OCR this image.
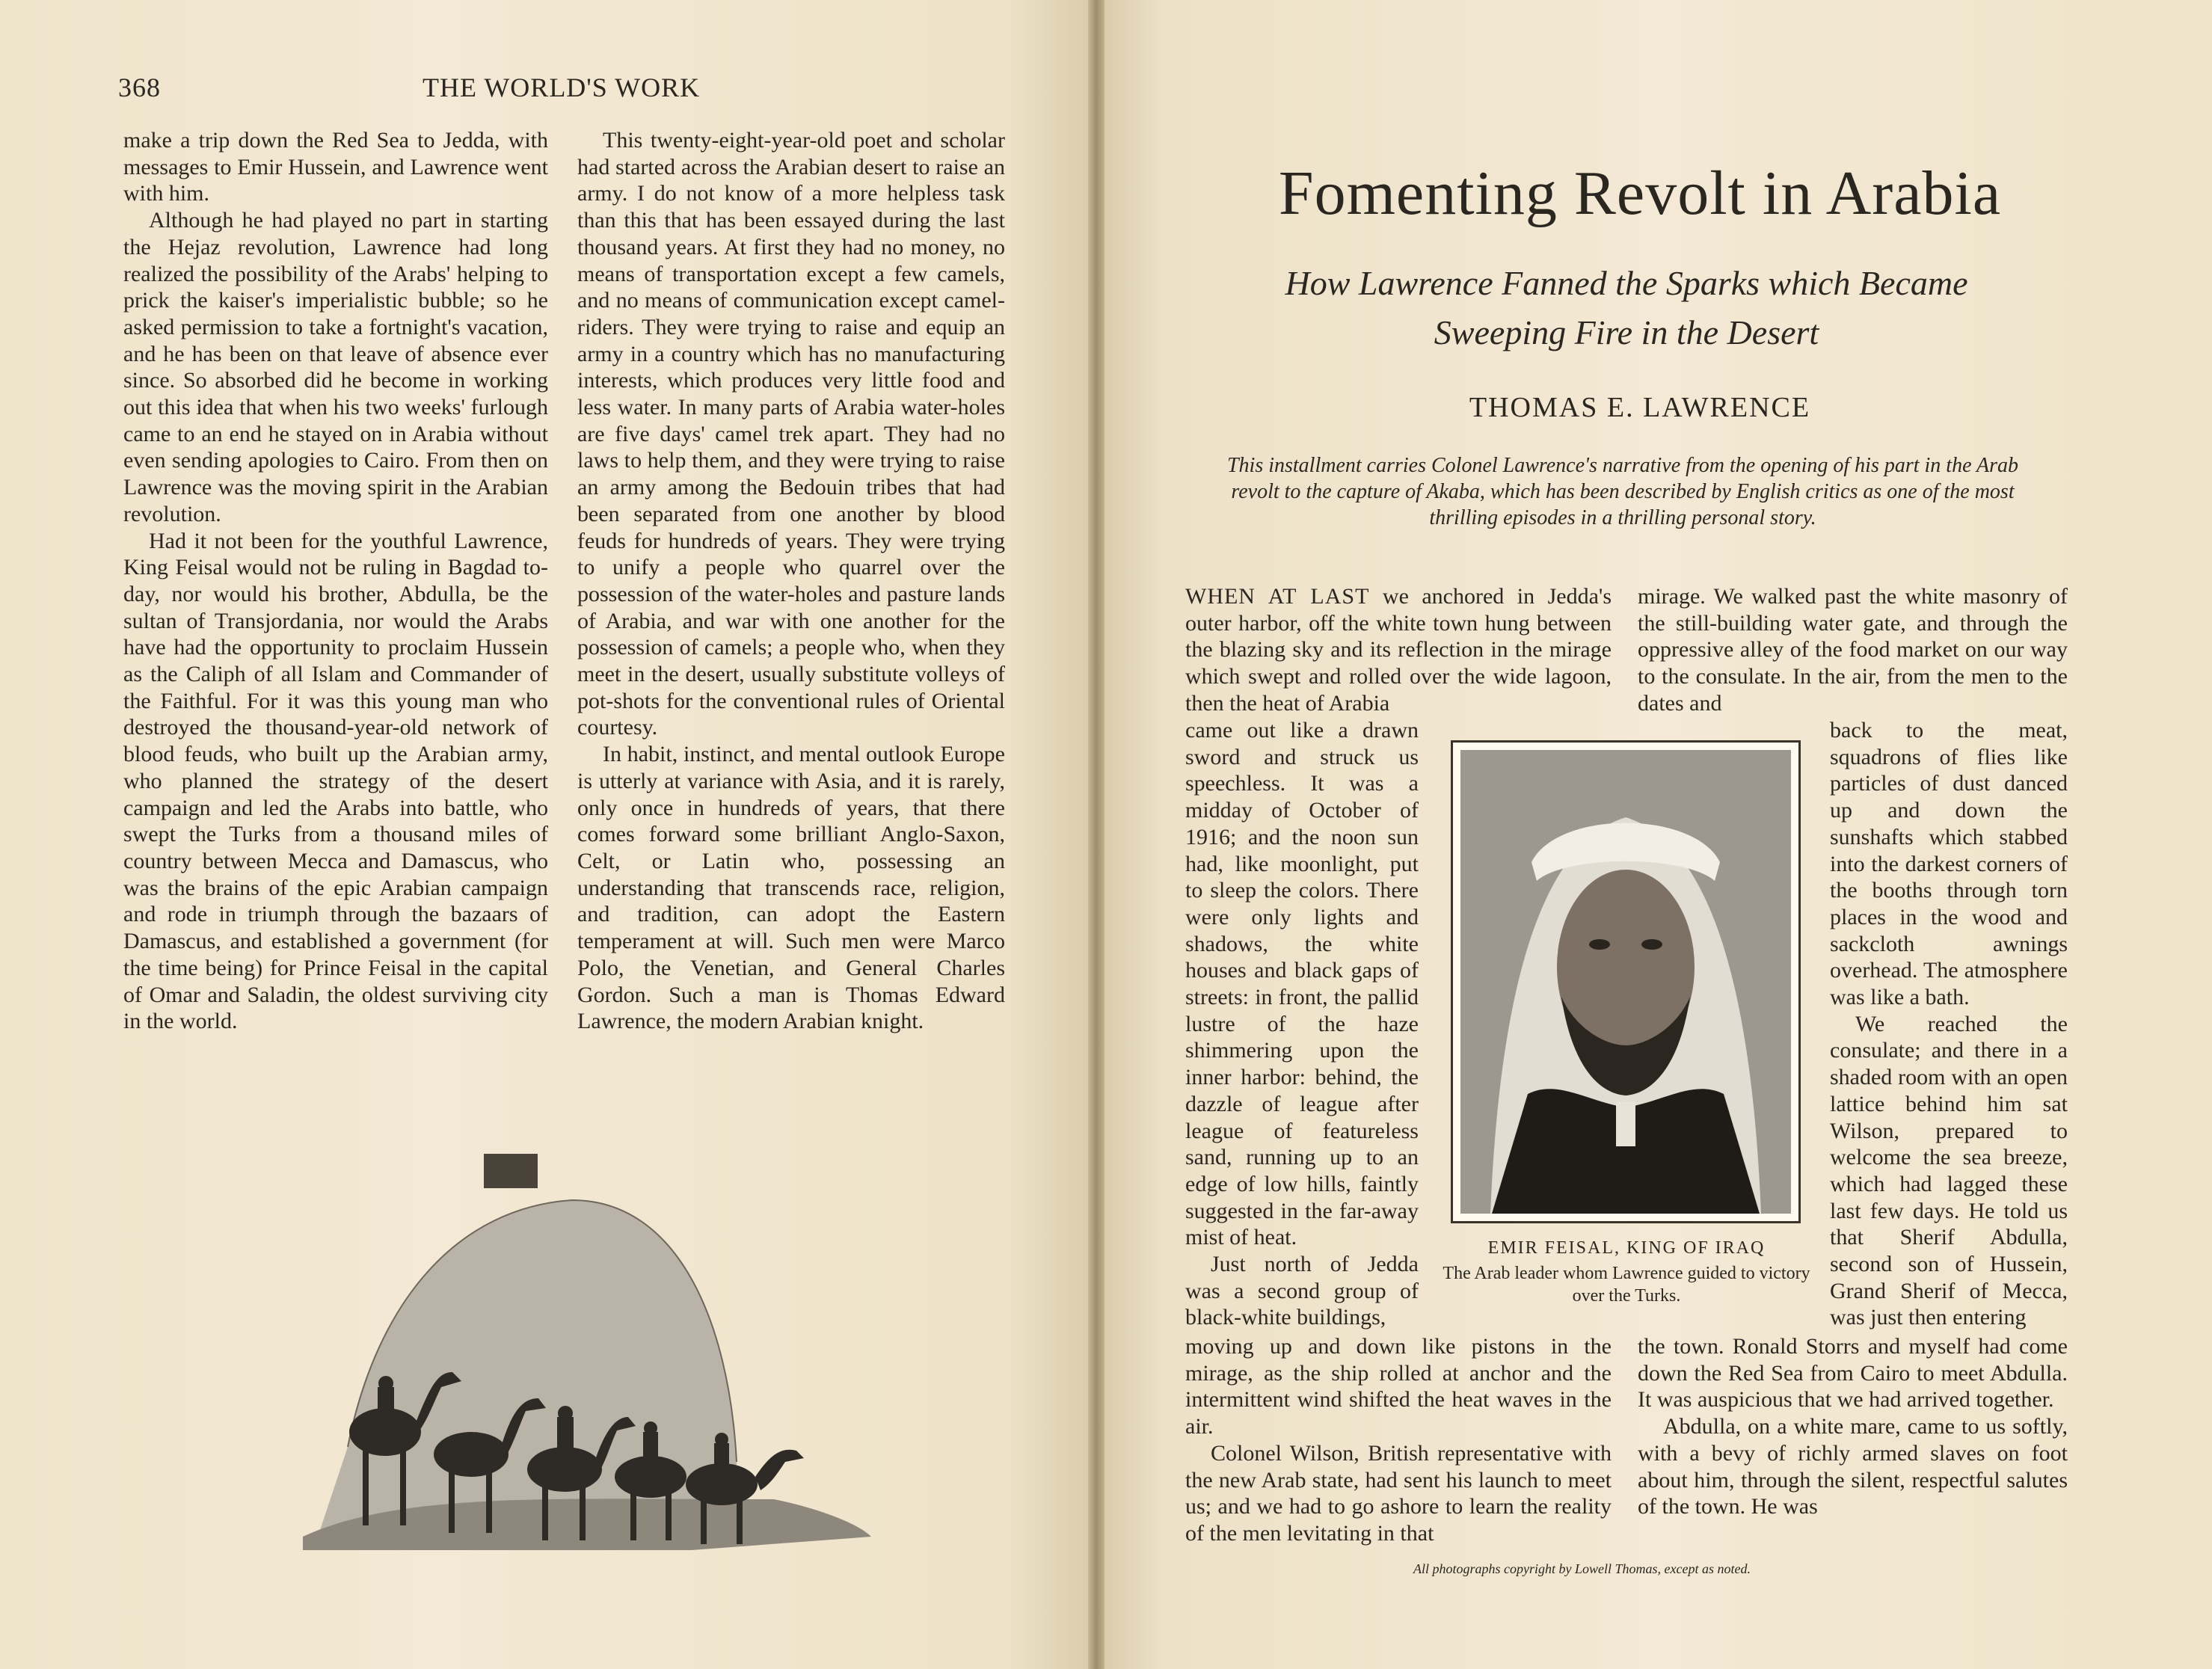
368	THE WORLD'S WORK

make a trip down the Red Sea to Jedda, with messages to Emir Hussein, and Lawrence went with him.

Although he had played no part in starting the Hejaz revolution, Lawrence had long realized the possibility of the Arabs' helping to prick the kaiser's imperialistic bubble; so he asked permission to take a fortnight's vacation, and he has been on that leave of absence ever since. So absorbed did he become in working out this idea that when his two weeks' furlough came to an end he stayed on in Arabia without even sending apologies to Cairo. From then on Lawrence was the moving spirit in the Arabian revolution.

Had it not been for the youthful Lawrence, King Feisal would not be ruling in Bagdad to-day, nor would his brother, Abdulla, be the sultan of Transjordania, nor would the Arabs have had the opportunity to proclaim Hussein as the Caliph of all Islam and Commander of the Faithful. For it was this young man who destroyed the thousand-year-old network of blood feuds, who built up the Arabian army, who planned the strategy of the desert campaign and led the Arabs into battle, who swept the Turks from a thousand miles of country between Mecca and Damascus, who was the brains of the epic Arabian campaign and rode in triumph through the bazaars of Damascus, and established a government (for the time being) for Prince Feisal in the capital of Omar and Saladin, the oldest surviving city in the world.

This twenty-eight-year-old poet and scholar had started across the Arabian desert to raise an army. I do not know of a more helpless task than this that has been essayed during the last thousand years. At first they had no money, no means of transportation except a few camels, and no means of communication except camel-riders. They were trying to raise and equip an army in a country which has no manufacturing interests, which produces very little food and less water. In many parts of Arabia water-holes are five days' camel trek apart. They had no laws to help them, and they were trying to raise an army among the Bedouin tribes that had been separated from one another by blood feuds for hundreds of years. They were trying to unify a people who quarrel over the possession of the water-holes and pasture lands of Arabia, and war with one another for the possession of camels; a people who, when they meet in the desert, usually substitute volleys of pot-shots for the conventional rules of Oriental courtesy.

In habit, instinct, and mental outlook Europe is utterly at variance with Asia, and it is rarely, only once in hundreds of years, that there comes forward some brilliant Anglo-Saxon, Celt, or Latin who, possessing an understanding that transcends race, religion, and tradition, can adopt the Eastern temperament at will. Such men were Marco Polo, the Venetian, and General Charles Gordon. Such a man is Thomas Edward Lawrence, the modern Arabian knight.

Fomenting Revolt in Arabia
How Lawrence Fanned the Sparks which Became
Sweeping Fire in the Desert
THOMAS E. LAWRENCE
This installment carries Colonel Lawrence's narrative from the opening of his part in the Arab revolt to the capture of Akaba, which has been described by English critics as one of the most thrilling episodes in a thrilling personal story.

WHEN AT LAST we anchored in Jedda's outer harbor, off the white town hung between the blazing sky and its reflection in the mirage which swept and rolled over the wide lagoon, then the heat of Arabia

came out like a drawn sword and struck us speechless. It was a midday of October of 1916; and the noon sun had, like moonlight, put to sleep the colors. There were only lights and shadows, the white houses and black gaps of streets: in front, the pallid lustre of the haze shimmering upon the inner harbor: behind, the dazzle of league after league of featureless sand, running up to an edge of low hills, faintly suggested in the far-away mist of heat.

Just north of Jedda was a second group of black-white buildings,

moving up and down like pistons in the mirage, as the ship rolled at anchor and the intermittent wind shifted the heat waves in the air.

Colonel Wilson, British representative with the new Arab state, had sent his launch to meet us; and we had to go ashore to learn the reality of the men levitating in that

mirage. We walked past the white masonry of the still-building water gate, and through the oppressive alley of the food market on our way to the consulate. In the air, from the men to the dates and

back to the meat, squadrons of flies like particles of dust danced up and down the sunshafts which stabbed into the darkest corners of the booths through torn places in the wood and sackcloth awnings overhead. The atmosphere was like a bath.

We reached the consulate; and there in a shaded room with an open lattice behind him sat Wilson, prepared to welcome the sea breeze, which had lagged these last few days. He told us that Sherif Abdulla, second son of Hussein, Grand Sherif of Mecca, was just then entering

the town. Ronald Storrs and myself had come down the Red Sea from Cairo to meet Abdulla. It was auspicious that we had arrived together.

Abdulla, on a white mare, came to us softly, with a bevy of richly armed slaves on foot about him, through the silent, respectful salutes of the town. He was

EMIR FEISAL, KING OF IRAQ
The Arab leader whom Lawrence guided to victory over the Turks.
All photographs copyright by Lowell Thomas, except as noted.
